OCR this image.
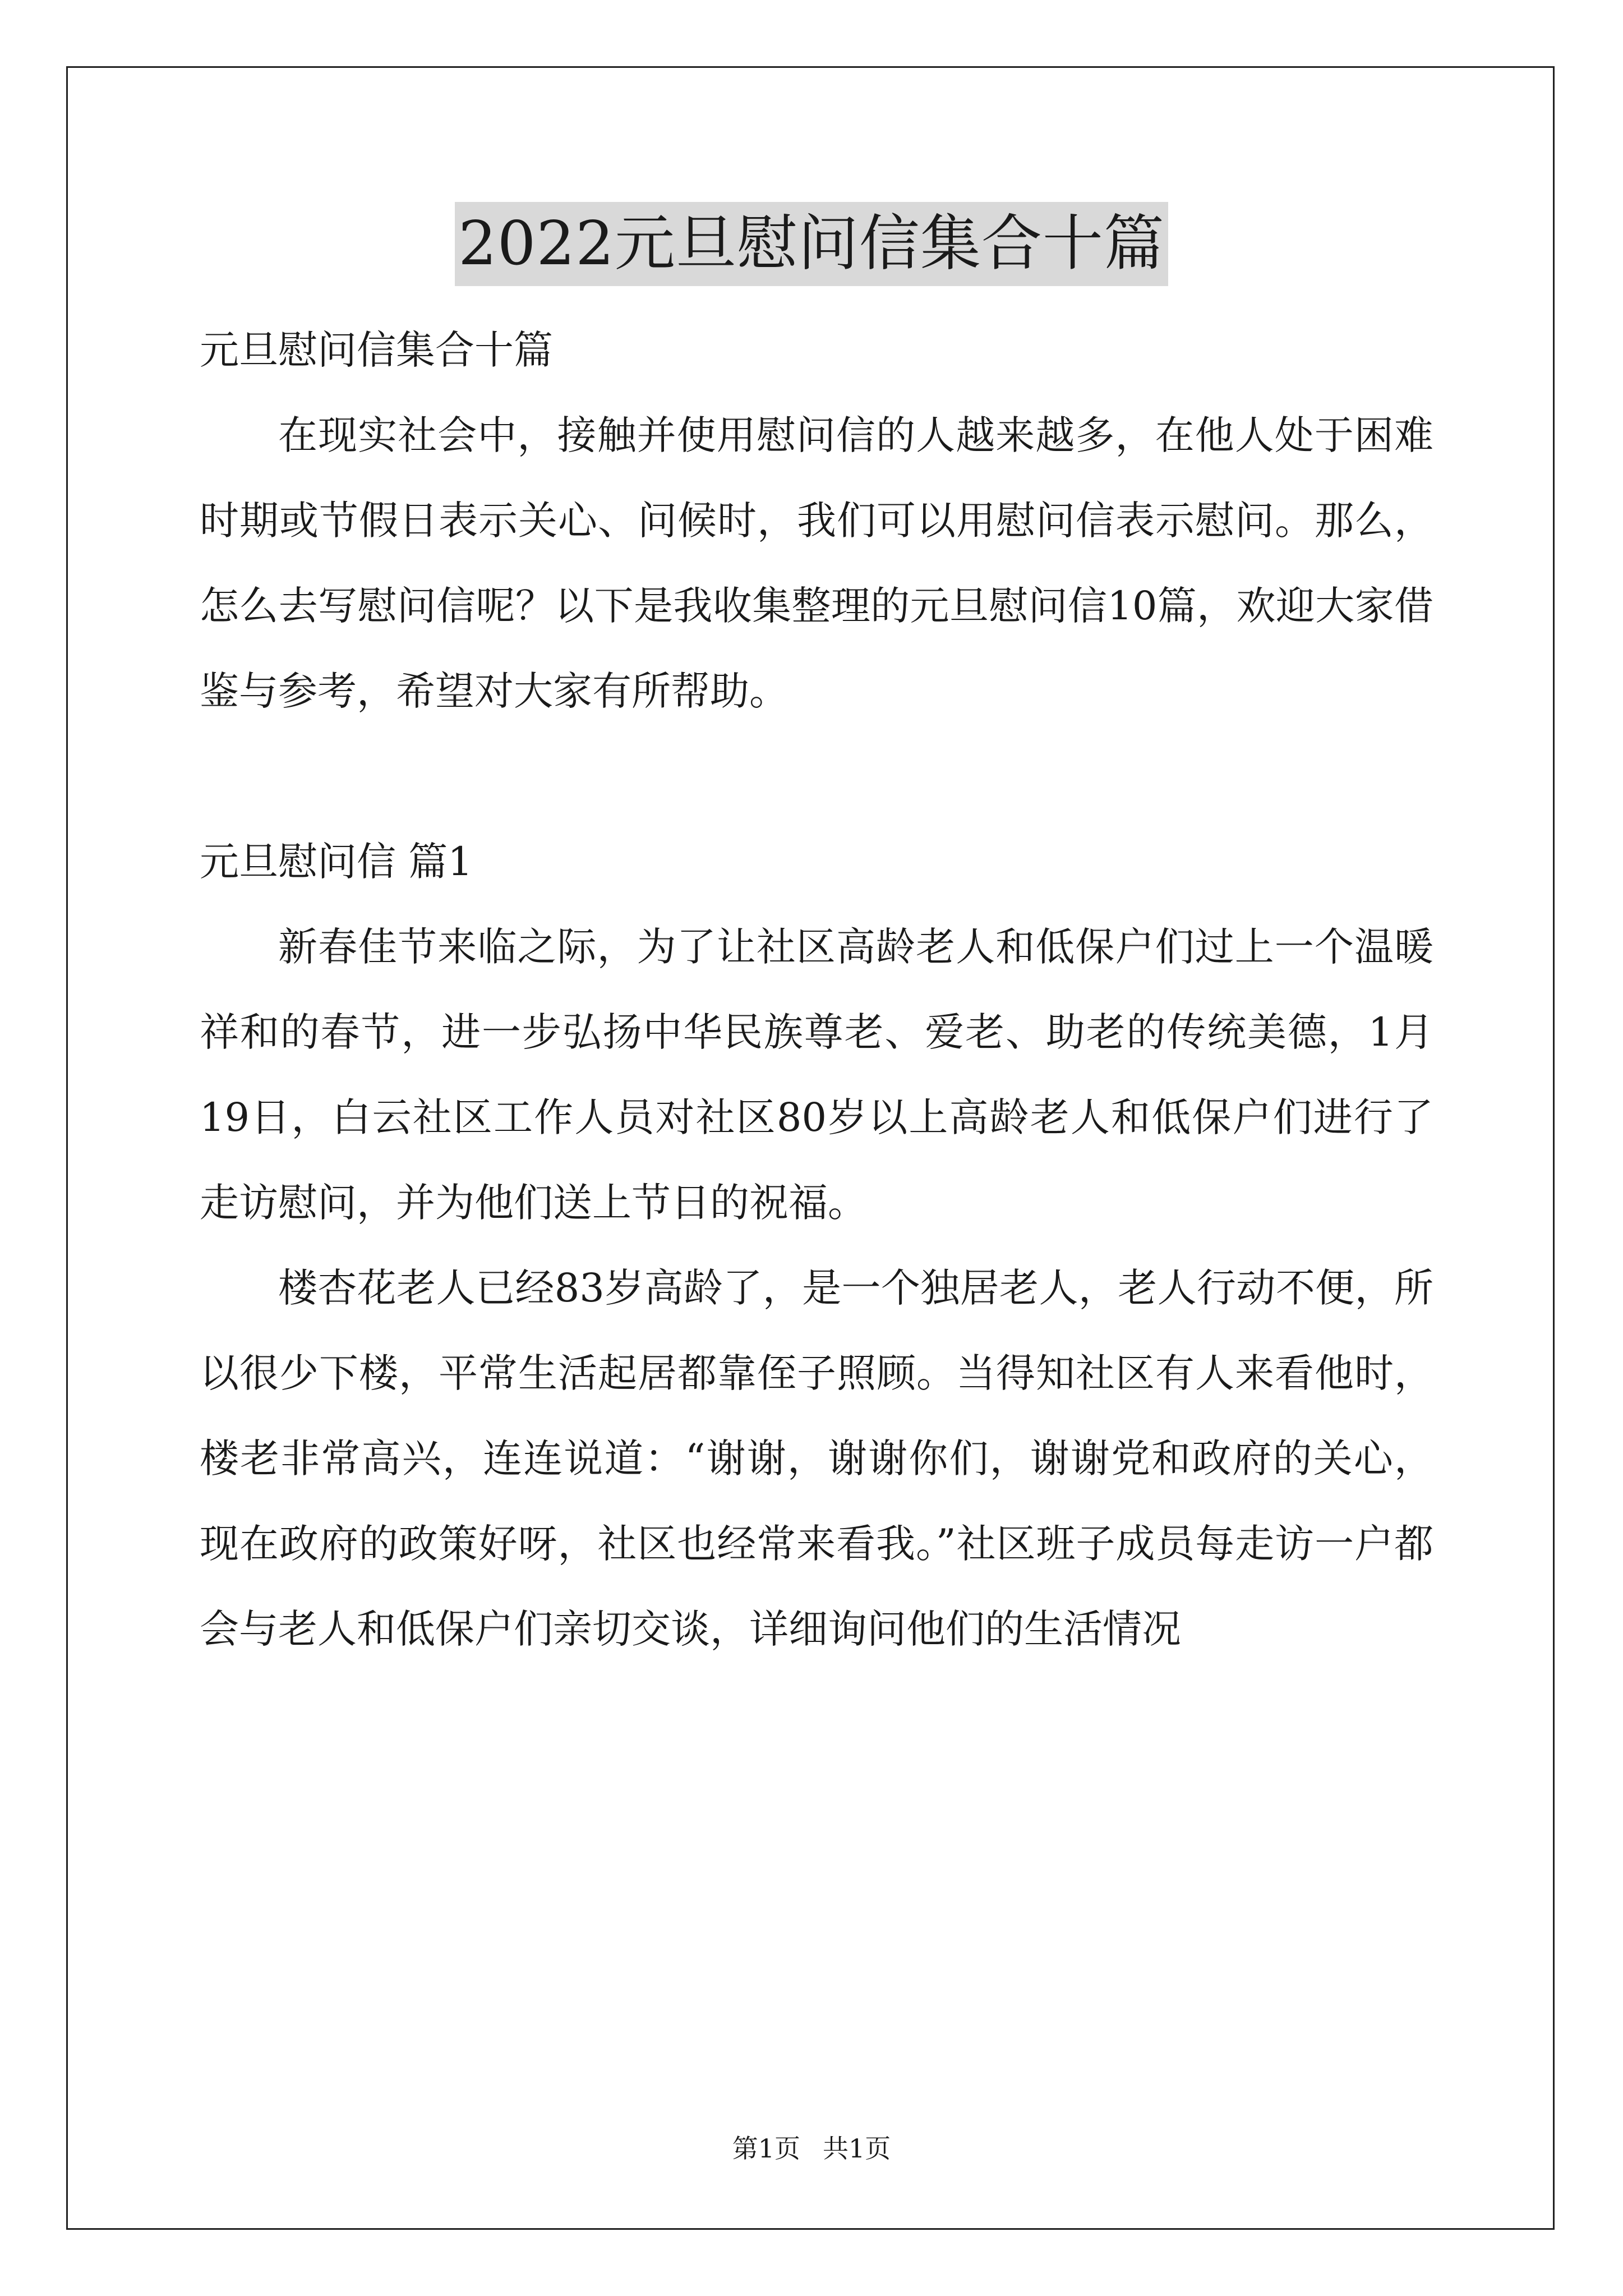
2022元旦慰问信集合十篇

元旦慰问信集合十篇

在现实社会中，接触并使用慰问信的人越来越多，在他人处于困难时期或节假日表示关心、问候时，我们可以用慰问信表示慰问。那么，怎么去写慰问信呢？以下是我收集整理的元旦慰问信10篇，欢迎大家借鉴与参考，希望对大家有所帮助。

元旦慰问信 篇1

新春佳节来临之际，为了让社区高龄老人和低保户们过上一个温暖祥和的春节，进一步弘扬中华民族尊老、爱老、助老的传统美德，1月19日，白云社区工作人员对社区80岁以上高龄老人和低保户们进行了走访慰问，并为他们送上节日的祝福。

楼杏花老人已经83岁高龄了，是一个独居老人，老人行动不便，所以很少下楼，平常生活起居都靠侄子照顾。当得知社区有人来看他时，楼老非常高兴，连连说道：“谢谢，谢谢你们，谢谢党和政府的关心，现在政府的政策好呀，社区也经常来看我。”社区班子成员每走访一户都会与老人和低保户们亲切交谈，详细询问他们的生活情况

第1页 共1页
